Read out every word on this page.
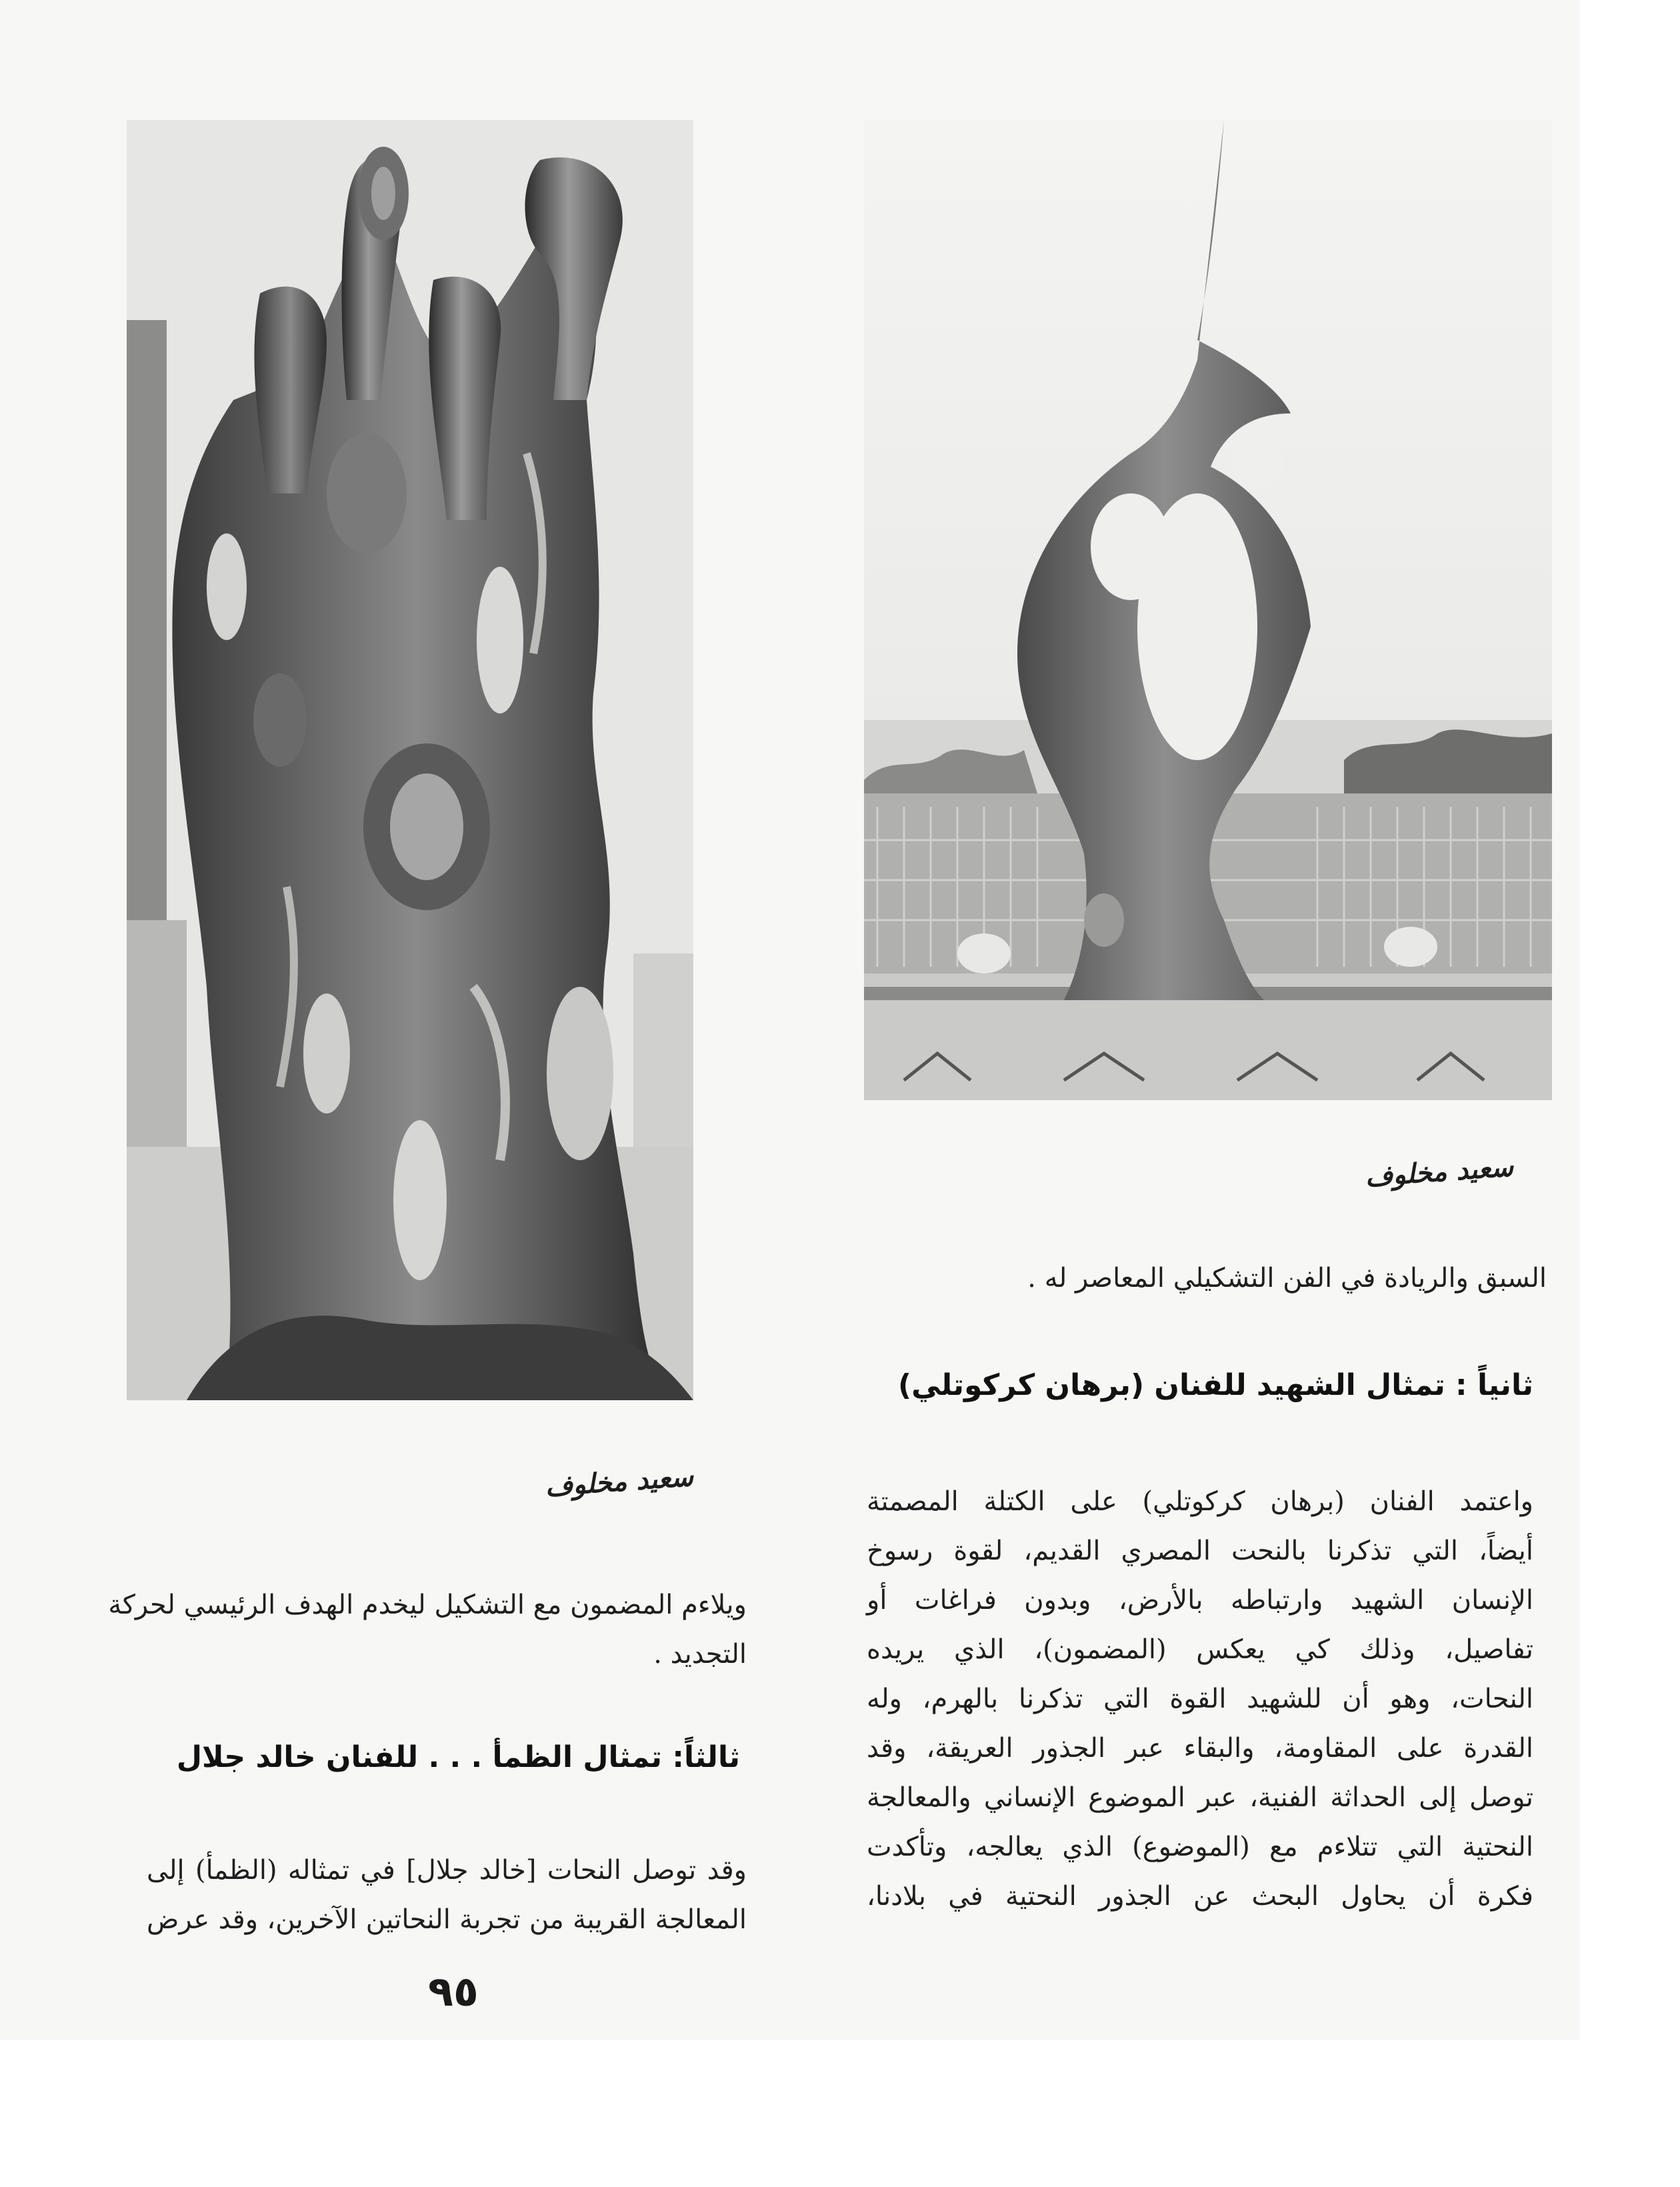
سعيد مخلوف
سعيد مخلوف
السبق والريادة في الفن التشكيلي المعاصر له .
ثانياً : تمثال الشهيد للفنان (برهان كركوتلي)
واعتمد الفنان (برهان كركوتلي) على الكتلة المصمتة
أيضاً، التي تذكرنا بالنحت المصري القديم، لقوة رسوخ
الإنسان الشهيد وارتباطه بالأرض، وبدون فراغات أو
تفاصيل، وذلك كي يعكس (المضمون)، الذي يريده
النحات، وهو أن للشهيد القوة التي تذكرنا بالهرم، وله
القدرة على المقاومة، والبقاء عبر الجذور العريقة، وقد
توصل إلى الحداثة الفنية، عبر الموضوع الإنساني والمعالجة
النحتية التي تتلاءم مع (الموضوع) الذي يعالجه، وتأكدت
فكرة أن يحاول البحث عن الجذور النحتية في بلادنا،
ويلاءم المضمون مع التشكيل ليخدم الهدف الرئيسي لحركة
التجديد .
ثالثاً: تمثال الظمأ . . . للفنان خالد جلال
وقد توصل النحات [خالد جلال] في تمثاله (الظمأ) إلى
المعالجة القريبة من تجربة النحاتين الآخرين، وقد عرض
٩٥
